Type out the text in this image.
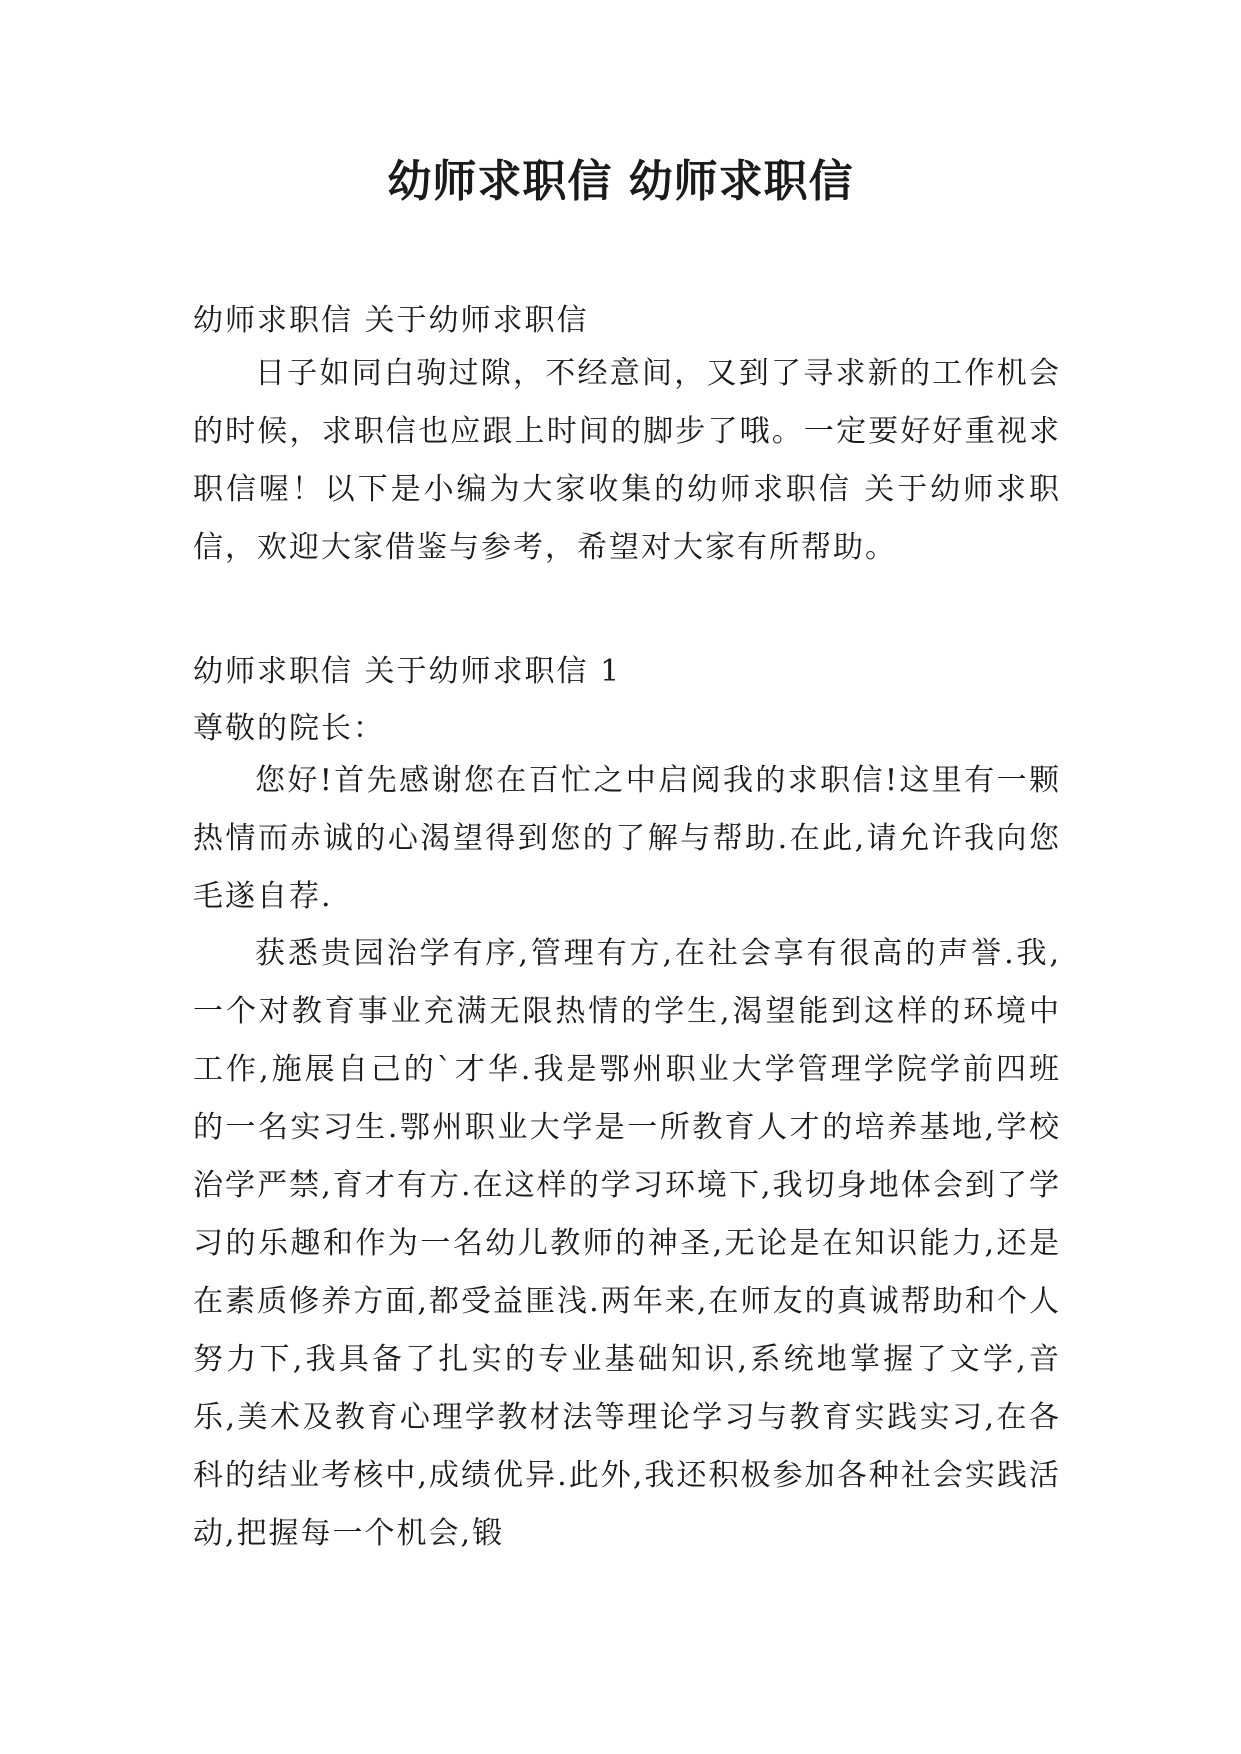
幼师求职信 幼师求职信

幼师求职信 关于幼师求职信

日子如同白驹过隙，不经意间，又到了寻求新的工作机会的时候，求职信也应跟上时间的脚步了哦。一定要好好重视求职信喔！以下是小编为大家收集的幼师求职信 关于幼师求职信，欢迎大家借鉴与参考，希望对大家有所帮助。

幼师求职信 关于幼师求职信 1

尊敬的院长：

您好!首先感谢您在百忙之中启阅我的求职信!这里有一颗热情而赤诚的心渴望得到您的了解与帮助.在此,请允许我向您毛遂自荐.

获悉贵园治学有序,管理有方,在社会享有很高的声誉.我,一个对教育事业充满无限热情的学生,渴望能到这样的环境中工作,施展自己的`才华.我是鄂州职业大学管理学院学前四班的一名实习生.鄂州职业大学是一所教育人才的培养基地,学校治学严禁,育才有方.在这样的学习环境下,我切身地体会到了学习的乐趣和作为一名幼儿教师的神圣,无论是在知识能力,还是在素质修养方面,都受益匪浅.两年来,在师友的真诚帮助和个人努力下,我具备了扎实的专业基础知识,系统地掌握了文学,音乐,美术及教育心理学教材法等理论学习与教育实践实习,在各科的结业考核中,成绩优异.此外,我还积极参加各种社会实践活动,把握每一个机会,锻
